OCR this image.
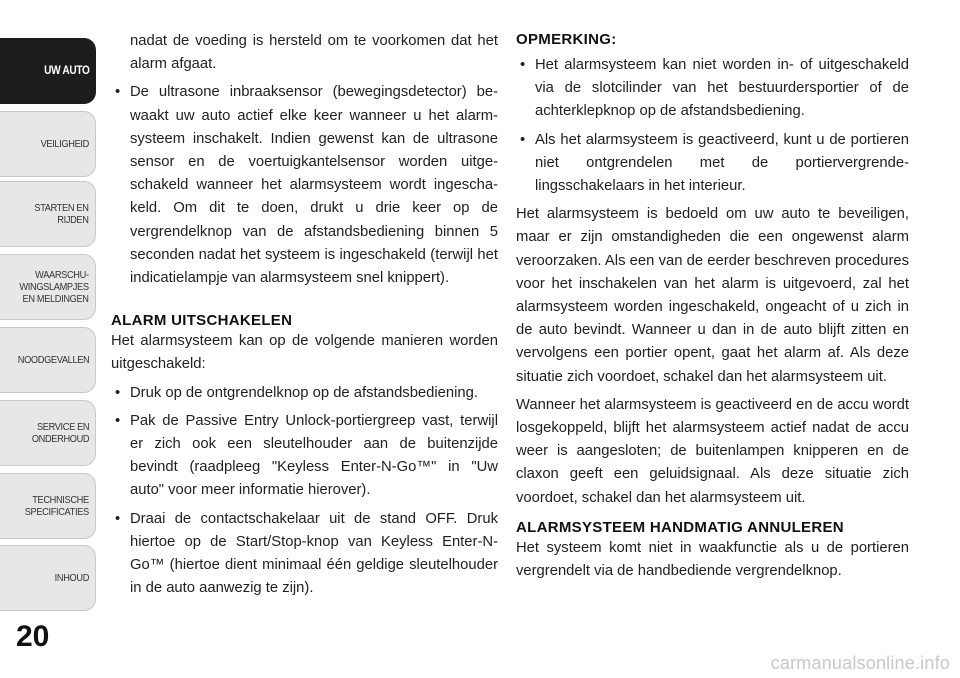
UW AUTO
VEILIGHEID
STARTEN EN
RIJDEN
WAARSCHU-
WINGSLAMPJES
EN MELDINGEN
NOODGEVALLEN
SERVICE EN
ONDERHOUD
TECHNISCHE
SPECIFICATIES
INHOUD
20

nadat de voeding is hersteld om te voorkomen dat het alarm afgaat.

• De ultrasone inbraaksensor (bewegingsdetector) bewaakt uw auto actief elke keer wanneer u het alarmsysteem inschakelt. Indien gewenst kan de ultrasone sensor en de voertuigkantelsensor worden uitgeschakeld wanneer het alarmsysteem wordt ingeschakeld. Om dit te doen, drukt u drie keer op de vergrendelknop van de afstandsbediening binnen 5 seconden nadat het systeem is ingeschakeld (terwijl het indicatielampje van alarmsysteem snel knippert).

ALARM UITSCHAKELEN

Het alarmsysteem kan op de volgende manieren worden uitgeschakeld:

• Druk op de ontgrendelknop op de afstandsbediening.

• Pak de Passive Entry Unlock-portiergreep vast, terwijl er zich ook een sleutelhouder aan de buitenzijde bevindt (raadpleeg "Keyless Enter-N-Go™" in "Uw auto" voor meer informatie hierover).

• Draai de contactschakelaar uit de stand OFF. Druk hiertoe op de Start/Stop-knop van Keyless Enter-N-Go™ (hiertoe dient minimaal één geldige sleutelhouder in de auto aanwezig te zijn).

OPMERKING:

• Het alarmsysteem kan niet worden in- of uitgeschakeld via de slotcilinder van het bestuurdersportier of de achterklepknop op de afstandsbediening.

• Als het alarmsysteem is geactiveerd, kunt u de portieren niet ontgrendelen met de portiervergrendelingsschakelaars in het interieur.

Het alarmsysteem is bedoeld om uw auto te beveiligen, maar er zijn omstandigheden die een ongewenst alarm veroorzaken. Als een van de eerder beschreven procedures voor het inschakelen van het alarm is uitgevoerd, zal het alarmsysteem worden ingeschakeld, ongeacht of u zich in de auto bevindt. Wanneer u dan in de auto blijft zitten en vervolgens een portier opent, gaat het alarm af. Als deze situatie zich voordoet, schakel dan het alarmsysteem uit.

Wanneer het alarmsysteem is geactiveerd en de accu wordt losgekoppeld, blijft het alarmsysteem actief nadat de accu weer is aangesloten; de buitenlampen knipperen en de claxon geeft een geluidsignaal. Als deze situatie zich voordoet, schakel dan het alarmsysteem uit.

ALARMSYSTEEM HANDMATIG ANNULEREN

Het systeem komt niet in waakfunctie als u de portieren vergrendelt via de handbediende vergrendelknop.

carmanualsonline.info
